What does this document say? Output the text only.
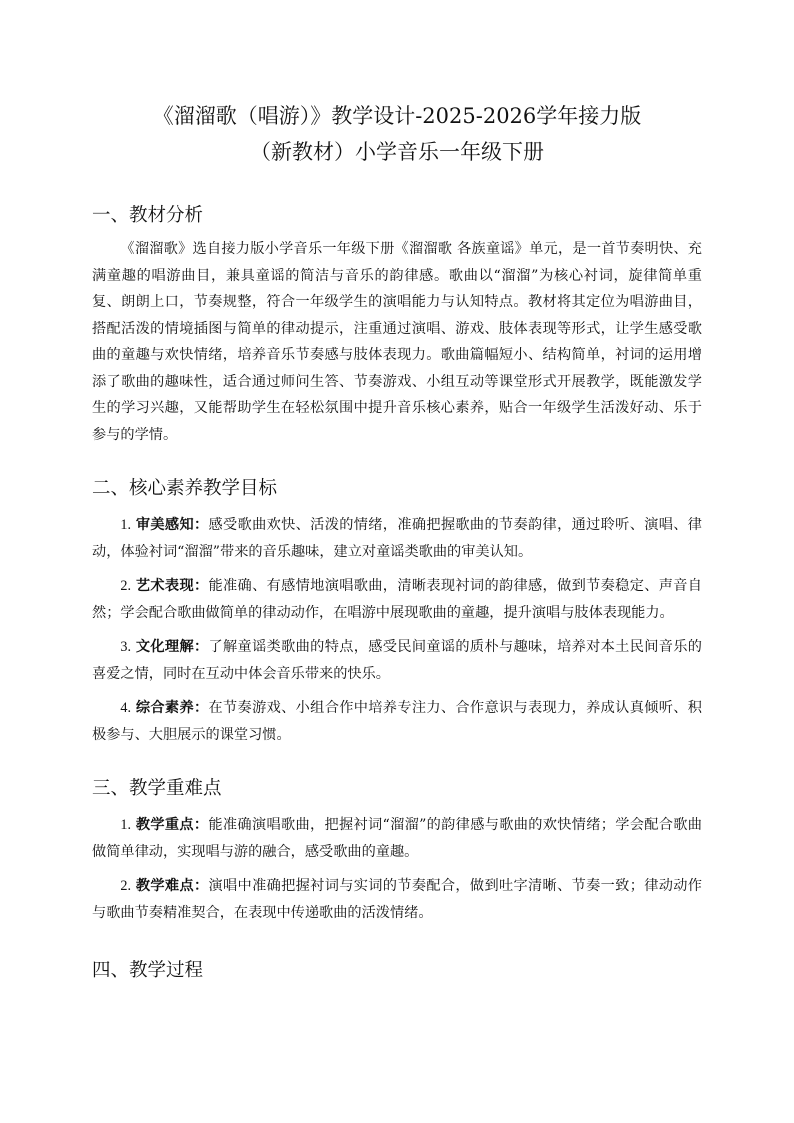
《溜溜歌（唱游）》教学设计-2025-2026学年接力版
（新教材）小学音乐一年级下册
一、教材分析

《溜溜歌》选自接力版小学音乐一年级下册《溜溜歌 各族童谣》单元，是一首节奏明快、充满童趣的唱游曲目，兼具童谣的简洁与音乐的韵律感。歌曲以“溜溜”为核心衬词，旋律简单重复、朗朗上口，节奏规整，符合一年级学生的演唱能力与认知特点。教材将其定位为唱游曲目，搭配活泼的情境插图与简单的律动提示，注重通过演唱、游戏、肢体表现等形式，让学生感受歌曲的童趣与欢快情绪，培养音乐节奏感与肢体表现力。歌曲篇幅短小、结构简单，衬词的运用增添了歌曲的趣味性，适合通过师问生答、节奏游戏、小组互动等课堂形式开展教学，既能激发学生的学习兴趣，又能帮助学生在轻松氛围中提升音乐核心素养，贴合一年级学生活泼好动、乐于参与的学情。

二、核心素养教学目标

1. 审美感知：感受歌曲欢快、活泼的情绪，准确把握歌曲的节奏韵律，通过聆听、演唱、律动，体验衬词“溜溜”带来的音乐趣味，建立对童谣类歌曲的审美认知。

2. 艺术表现：能准确、有感情地演唱歌曲，清晰表现衬词的韵律感，做到节奏稳定、声音自然；学会配合歌曲做简单的律动动作，在唱游中展现歌曲的童趣，提升演唱与肢体表现能力。

3. 文化理解：了解童谣类歌曲的特点，感受民间童谣的质朴与趣味，培养对本土民间音乐的喜爱之情，同时在互动中体会音乐带来的快乐。

4. 综合素养：在节奏游戏、小组合作中培养专注力、合作意识与表现力，养成认真倾听、积极参与、大胆展示的课堂习惯。

三、教学重难点

1. 教学重点：能准确演唱歌曲，把握衬词“溜溜”的韵律感与歌曲的欢快情绪；学会配合歌曲做简单律动，实现唱与游的融合，感受歌曲的童趣。

2. 教学难点：演唱中准确把握衬词与实词的节奏配合，做到吐字清晰、节奏一致；律动动作与歌曲节奏精准契合，在表现中传递歌曲的活泼情绪。

四、教学过程
